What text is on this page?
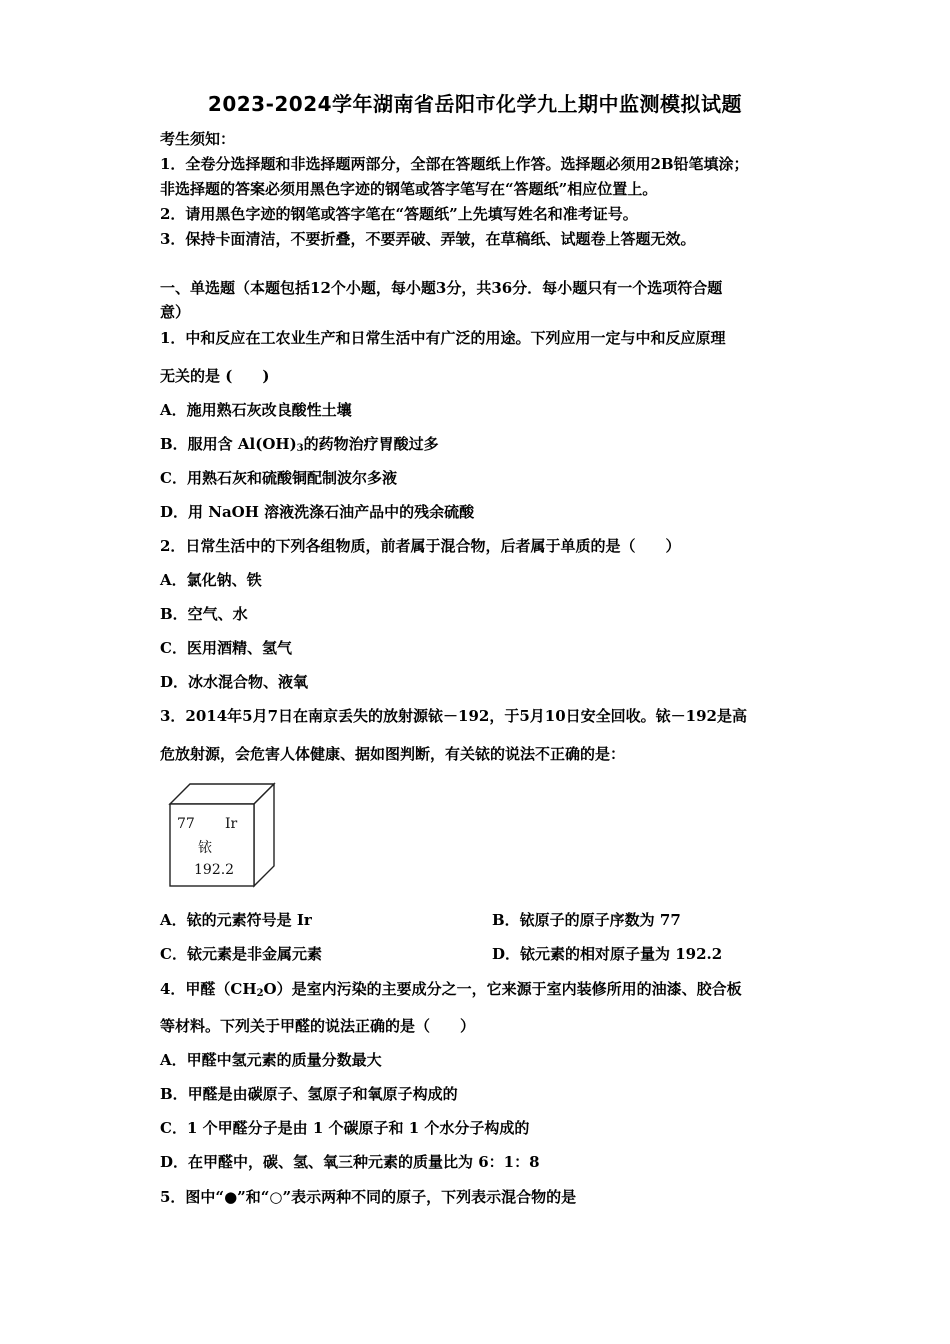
2023-2024学年湖南省岳阳市化学九上期中监测模拟试题
考生须知：
1．全卷分选择题和非选择题两部分，全部在答题纸上作答。选择题必须用2B铅笔填涂；
非选择题的答案必须用黑色字迹的钢笔或答字笔写在“答题纸”相应位置上。
2．请用黑色字迹的钢笔或答字笔在“答题纸”上先填写姓名和准考证号。
3．保持卡面清洁，不要折叠，不要弄破、弄皱，在草稿纸、试题卷上答题无效。
一、单选题（本题包括12个小题，每小题3分，共36分．每小题只有一个选项符合题
意）
1．中和反应在工农业生产和日常生活中有广泛的用途。下列应用一定与中和反应原理
无关的是 (　　)
A．施用熟石灰改良酸性土壤
B．服用含 $Al(OH)_3$的药物治疗胃酸过多
C．用熟石灰和硫酸铜配制波尔多液
D．用 NaOH 溶液洗涤石油产品中的残余硫酸
2．日常生活中的下列各组物质，前者属于混合物，后者属于单质的是（　　）
A．氯化钠、铁
B．空气、水
C．医用酒精、氢气
D．冰水混合物、液氧
3．2014年5月7日在南京丢失的放射源铱－192，于5月10日安全回收。铱－192是高
危放射源，会危害人体健康、据如图判断，有关铱的说法不正确的是：
77 Ir
铱
192.2
A．铱的元素符号是 Ir	B．铱原子的原子序数为 77
C．铱元素是非金属元素	D．铱元素的相对原子量为 192.2
4．甲醛$(CH_2O)$是室内污染的主要成分之一，它来源于室内装修所用的油漆、胶合板
等材料。下列关于甲醛的说法正确的是（　　）
A．甲醛中氢元素的质量分数最大
B．甲醛是由碳原子、氢原子和氧原子构成的
C．1 个甲醛分子是由 1 个碳原子和 1 个水分子构成的
D．在甲醛中，碳、氢、氧三种元素的质量比为 6：1：8
5．图中“●”和“○”表示两种不同的原子，下列表示混合物的是
